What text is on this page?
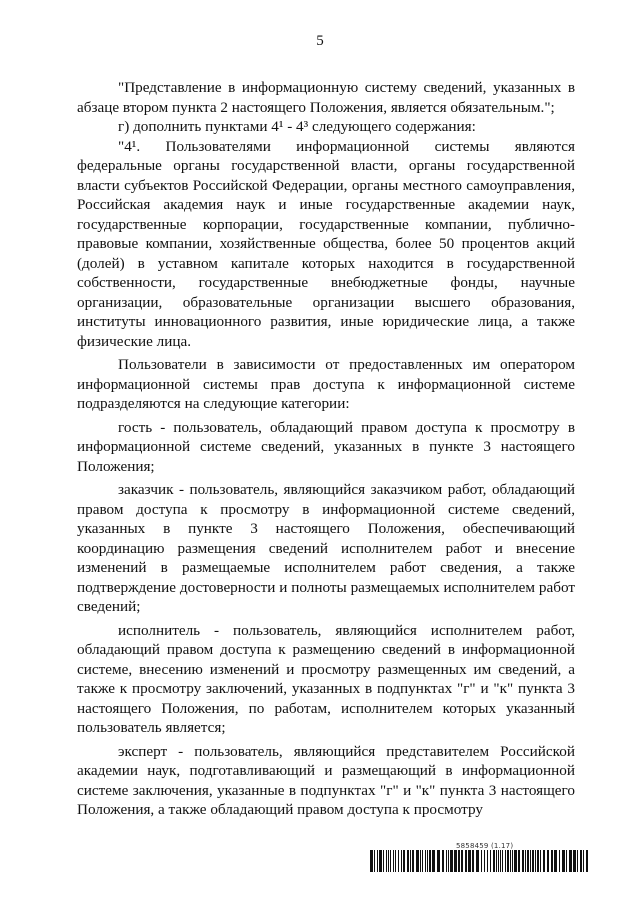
5

"Представление в информационную систему сведений, указанных в абзаце втором пункта 2 настоящего Положения, является обязательным.";

г) дополнить пунктами 4¹ - 4³ следующего содержания:

"4¹. Пользователями информационной системы являются федеральные органы государственной власти, органы государственной власти субъектов Российской Федерации, органы местного самоуправления, Российская академия наук и иные государственные академии наук, государственные корпорации, государственные компании, публично-правовые компании, хозяйственные общества, более 50 процентов акций (долей) в уставном капитале которых находится в государственной собственности, государственные внебюджетные фонды, научные организации, образовательные организации высшего образования, институты инновационного развития, иные юридические лица, а также физические лица.

Пользователи в зависимости от предоставленных им оператором информационной системы прав доступа к информационной системе подразделяются на следующие категории:

гость - пользователь, обладающий правом доступа к просмотру в информационной системе сведений, указанных в пункте 3 настоящего Положения;

заказчик - пользователь, являющийся заказчиком работ, обладающий правом доступа к просмотру в информационной системе сведений, указанных в пункте 3 настоящего Положения, обеспечивающий координацию размещения сведений исполнителем работ и внесение изменений в размещаемые исполнителем работ сведения, а также подтверждение достоверности и полноты размещаемых исполнителем работ сведений;

исполнитель - пользователь, являющийся исполнителем работ, обладающий правом доступа к размещению сведений в информационной системе, внесению изменений и просмотру размещенных им сведений, а также к просмотру заключений, указанных в подпунктах "г" и "к" пункта 3 настоящего Положения, по работам, исполнителем которых указанный пользователь является;

эксперт - пользователь, являющийся представителем Российской академии наук, подготавливающий и размещающий в информационной системе заключения, указанные в подпунктах "г" и "к" пункта 3 настоящего Положения, а также обладающий правом доступа к просмотру

5858459 (1.17)
